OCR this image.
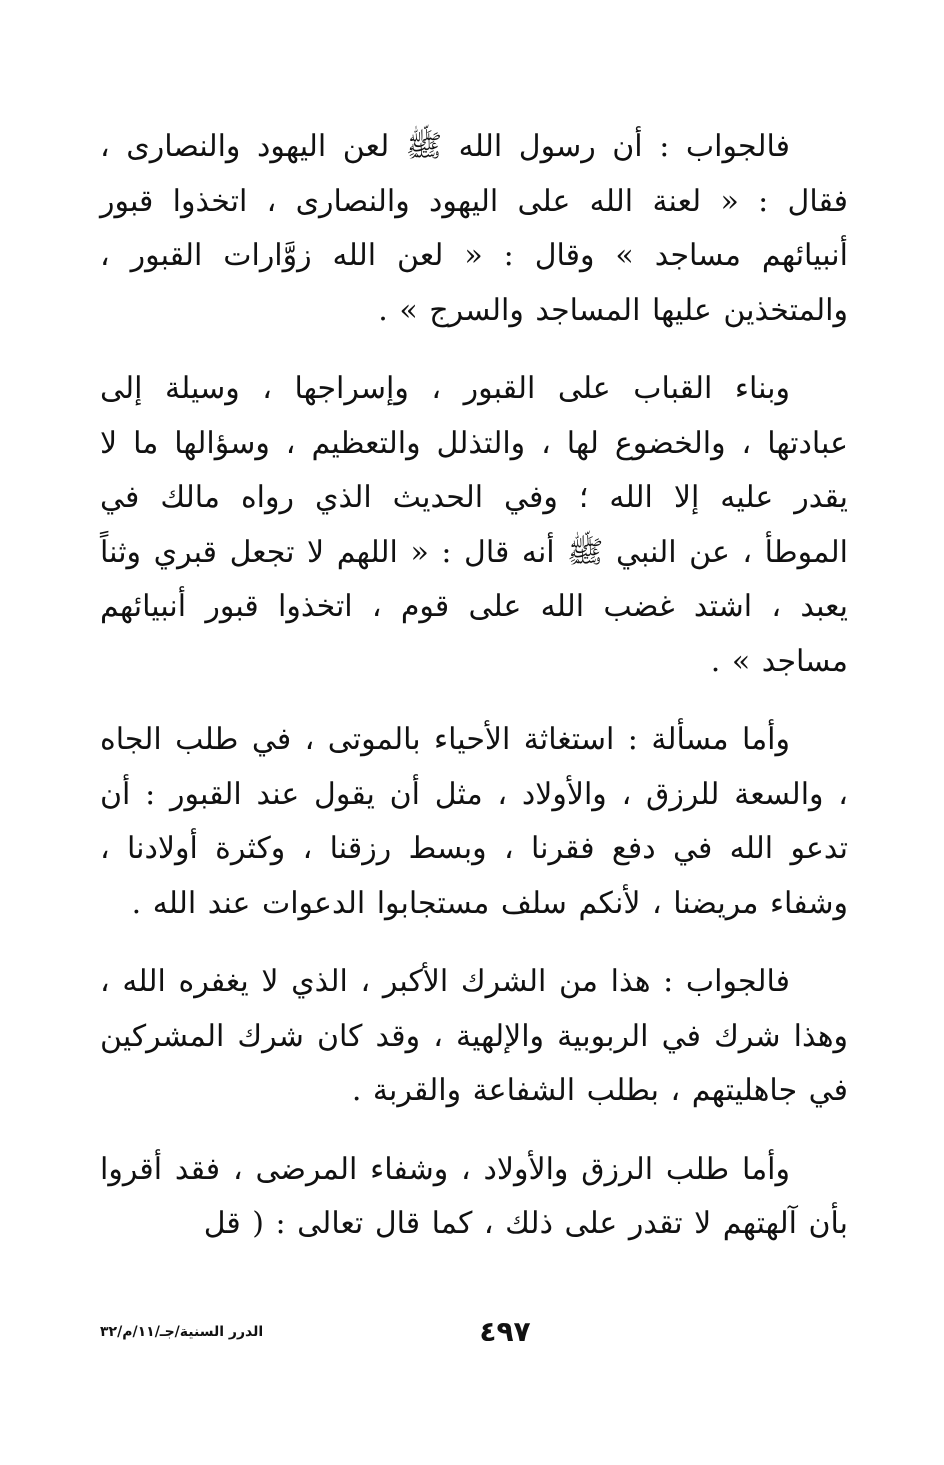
فالجواب : أن رسول الله ﷺ لعن اليهود والنصارى ، فقال : « لعنة الله على اليهود والنصارى ، اتخذوا قبور أنبيائهم مساجد » وقال : « لعن الله زوَّارات القبور ، والمتخذين عليها المساجد والسرج » .

وبناء القباب على القبور ، وإسراجها ، وسيلة إلى عبادتها ، والخضوع لها ، والتذلل والتعظيم ، وسؤالها ما لا يقدر عليه إلا الله ؛ وفي الحديث الذي رواه مالك في الموطأ ، عن النبي ﷺ أنه قال : « اللهم لا تجعل قبري وثناً يعبد ، اشتد غضب الله على قوم ، اتخذوا قبور أنبيائهم مساجد » .

وأما مسألة : استغاثة الأحياء بالموتى ، في طلب الجاه ، والسعة للرزق ، والأولاد ، مثل أن يقول عند القبور : أن تدعو الله في دفع فقرنا ، وبسط رزقنا ، وكثرة أولادنا ، وشفاء مريضنا ، لأنكم سلف مستجابوا الدعوات عند الله .

فالجواب : هذا من الشرك الأكبر ، الذي لا يغفره الله ، وهذا شرك في الربوبية والإلهية ، وقد كان شرك المشركين في جاهليتهم ، بطلب الشفاعة والقربة .

وأما طلب الرزق والأولاد ، وشفاء المرضى ، فقد أقروا بأن آلهتهم لا تقدر على ذلك ، كما قال تعالى : ( قل

٤٩٧
الدرر السنية/جـ/١١/م/٣٢
